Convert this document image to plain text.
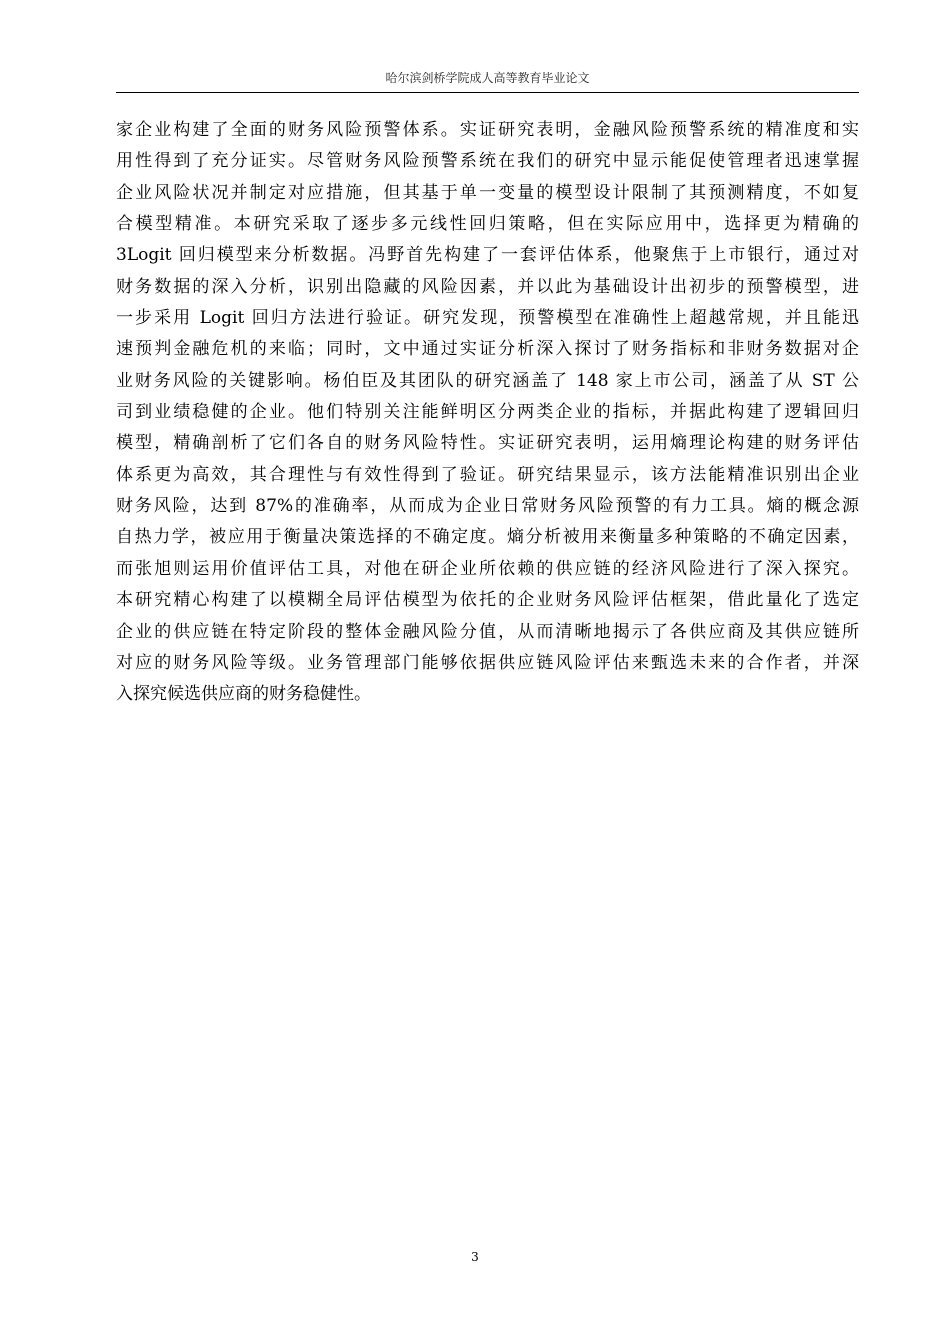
哈尔滨剑桥学院成人高等教育毕业论文
家企业构建了全面的财务风险预警体系。实证研究表明，金融风险预警系统的精准度和实
用性得到了充分证实。尽管财务风险预警系统在我们的研究中显示能促使管理者迅速掌握
企业风险状况并制定对应措施，但其基于单一变量的模型设计限制了其预测精度，不如复
合模型精准。本研究采取了逐步多元线性回归策略，但在实际应用中，选择更为精确的
3Logit 回归模型来分析数据。冯野首先构建了一套评估体系，他聚焦于上市银行，通过对
财务数据的深入分析，识别出隐藏的风险因素，并以此为基础设计出初步的预警模型，进
一步采用 Logit 回归方法进行验证。研究发现，预警模型在准确性上超越常规，并且能迅
速预判金融危机的来临；同时，文中通过实证分析深入探讨了财务指标和非财务数据对企
业财务风险的关键影响。杨伯臣及其团队的研究涵盖了 148 家上市公司，涵盖了从 ST 公
司到业绩稳健的企业。他们特别关注能鲜明区分两类企业的指标，并据此构建了逻辑回归
模型，精确剖析了它们各自的财务风险特性。实证研究表明，运用熵理论构建的财务评估
体系更为高效，其合理性与有效性得到了验证。研究结果显示，该方法能精准识别出企业
财务风险，达到 87%的准确率，从而成为企业日常财务风险预警的有力工具。熵的概念源
自热力学，被应用于衡量决策选择的不确定度。熵分析被用来衡量多种策略的不确定因素，
而张旭则运用价值评估工具，对他在研企业所依赖的供应链的经济风险进行了深入探究。
本研究精心构建了以模糊全局评估模型为依托的企业财务风险评估框架，借此量化了选定
企业的供应链在特定阶段的整体金融风险分值，从而清晰地揭示了各供应商及其供应链所
对应的财务风险等级。业务管理部门能够依据供应链风险评估来甄选未来的合作者，并深
入探究候选供应商的财务稳健性。
3
